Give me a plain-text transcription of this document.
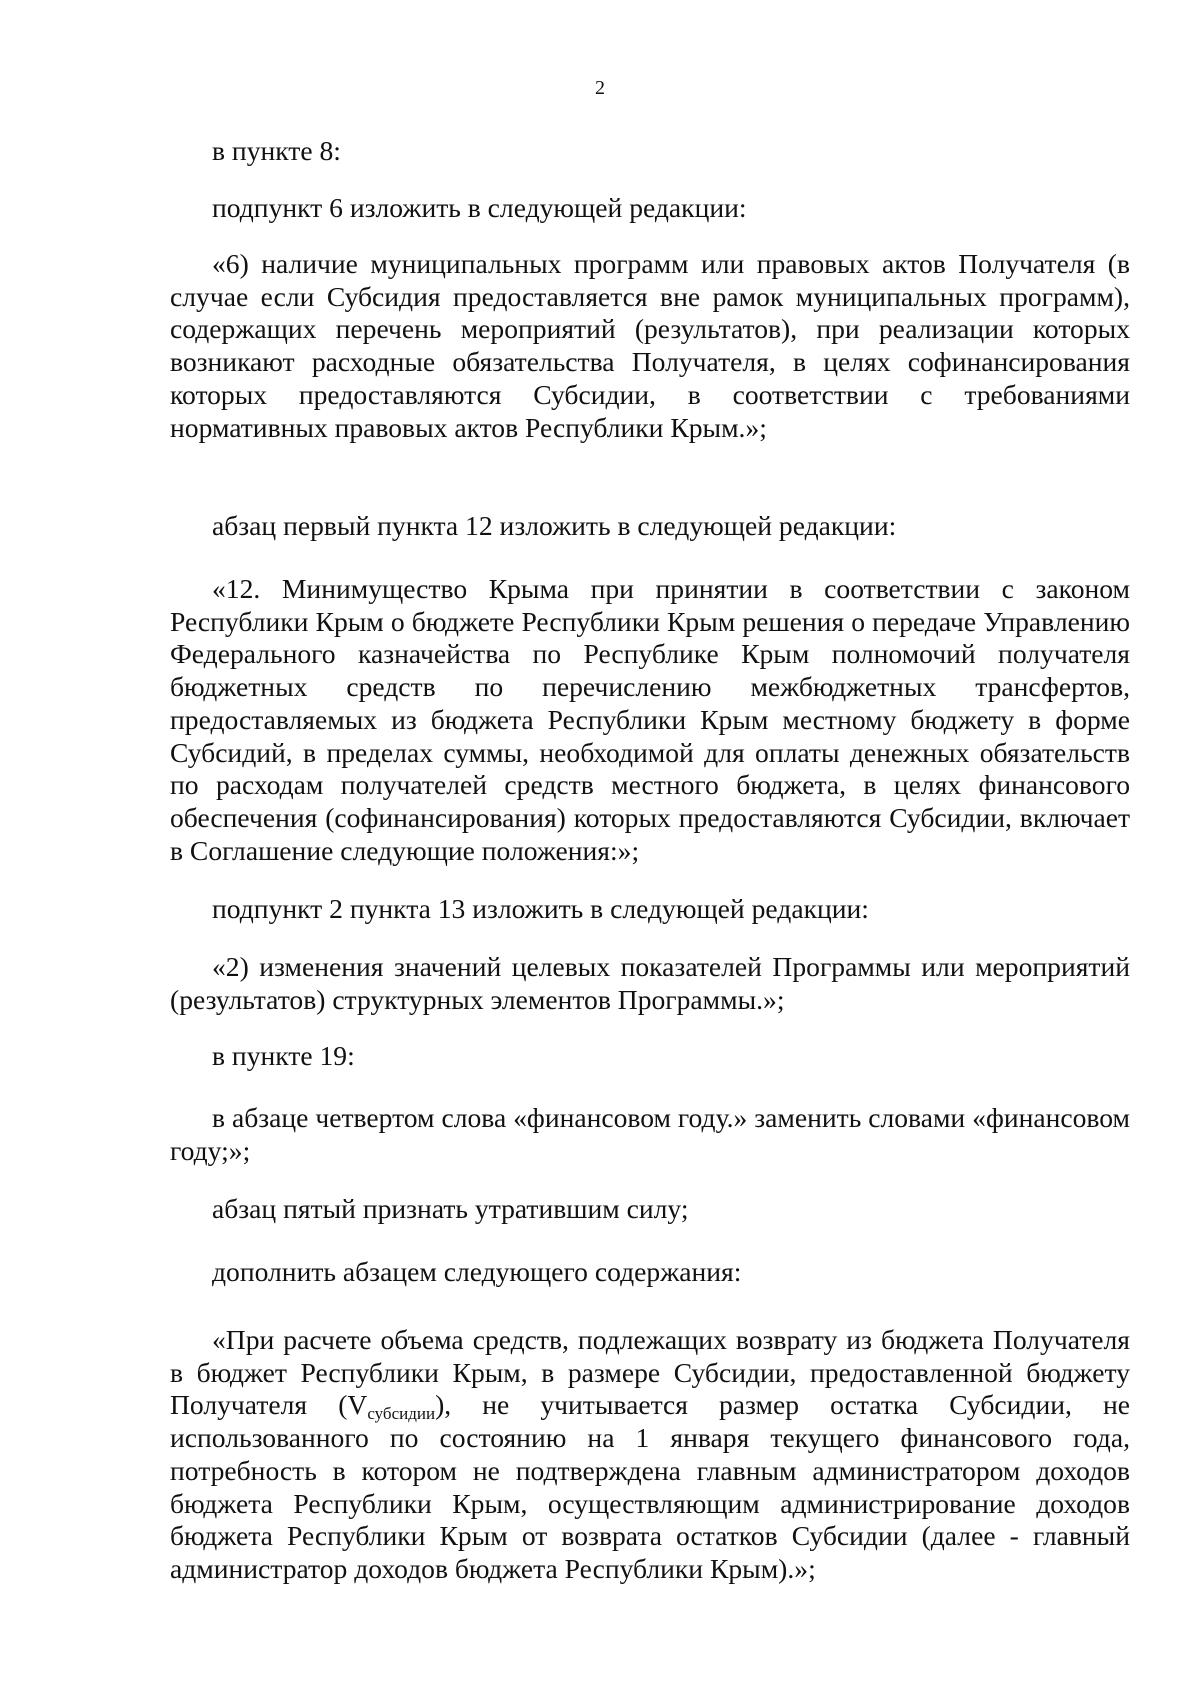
2

в пункте 8:

подпункт 6 изложить в следующей редакции:

«6) наличие муниципальных программ или правовых актов Получателя (в случае если Субсидия предоставляется вне рамок муниципальных программ), содержащих перечень мероприятий (результатов), при реализации которых возникают расходные обязательства Получателя, в целях софинансирования которых предоставляются Субсидии, в соответствии с требованиями нормативных правовых актов Республики Крым.»;

абзац первый пункта 12 изложить в следующей редакции:

«12. Минимущество Крыма при принятии в соответствии с законом Республики Крым о бюджете Республики Крым решения о передаче Управлению Федерального казначейства по Республике Крым полномочий получателя бюджетных средств по перечислению межбюджетных трансфертов, предоставляемых из бюджета Республики Крым местному бюджету в форме Субсидий, в пределах суммы, необходимой для оплаты денежных обязательств по расходам получателей средств местного бюджета, в целях финансового обеспечения (софинансирования) которых предоставляются Субсидии, включает в Соглашение следующие положения:»;

подпункт 2 пункта 13 изложить в следующей редакции:

«2) изменения значений целевых показателей Программы или мероприятий (результатов) структурных элементов Программы.»;

в пункте 19:

в абзаце четвертом слова «финансовом году.» заменить словами «финансовом году;»;

абзац пятый признать утратившим силу;

дополнить абзацем следующего содержания:

«При расчете объема средств, подлежащих возврату из бюджета Получателя в бюджет Республики Крым, в размере Субсидии, предоставленной бюджету Получателя $(V_{субсидии})$, не учитывается размер остатка Субсидии, не использованного по состоянию на 1 января текущего финансового года, потребность в котором не подтверждена главным администратором доходов бюджета Республики Крым, осуществляющим администрирование доходов бюджета Республики Крым от возврата остатков Субсидии (далее - главный администратор доходов бюджета Республики Крым).»;
